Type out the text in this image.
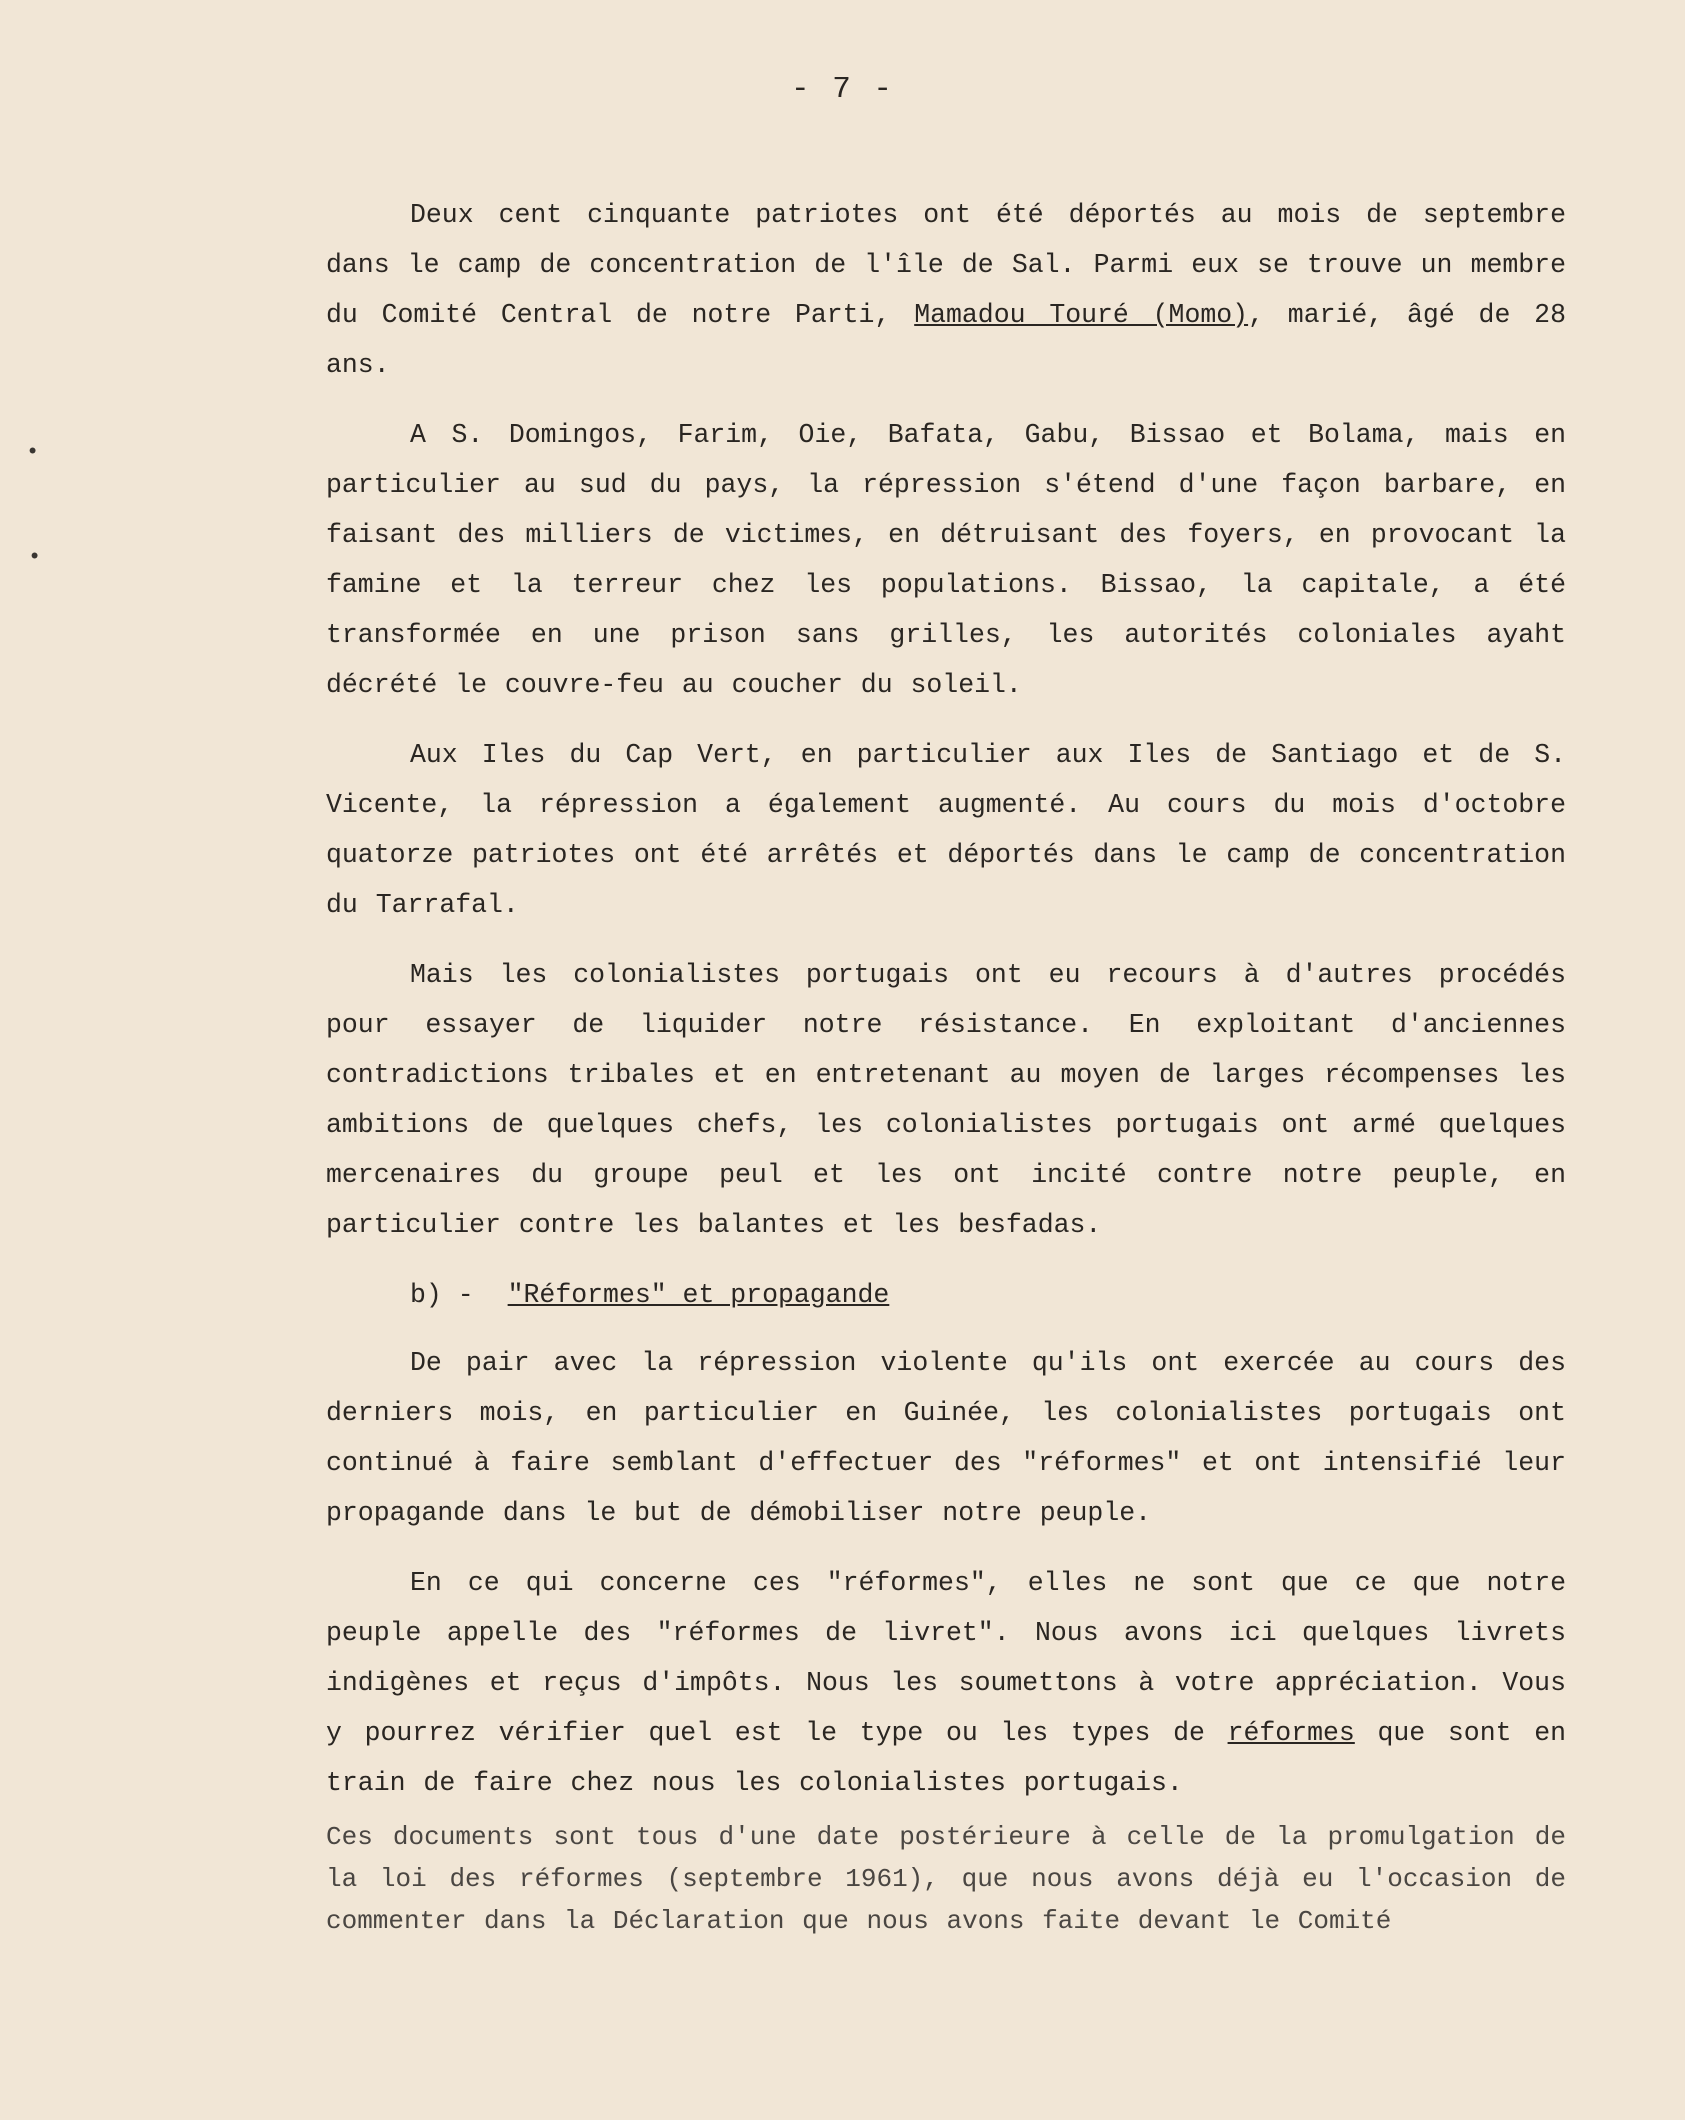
- 7 -
•
•

Deux cent cinquante patriotes ont été déportés au mois de septembre dans le camp de concentration de l'île de Sal. Parmi eux se trouve un membre du Comité Central de notre Parti, Mamadou Touré (Momo), marié, âgé de 28 ans.

A S. Domingos, Farim, Oie, Bafata, Gabu, Bissao et Bolama, mais en particulier au sud du pays, la répression s'étend d'une façon barbare, en faisant des milliers de victimes, en détruisant des foyers, en provocant la famine et la terreur chez les populations. Bissao, la capitale, a été transformée en une prison sans grilles, les autorités coloniales ayaht décrété le couvre-feu au coucher du soleil.

Aux Iles du Cap Vert, en particulier aux Iles de Santiago et de S. Vicente, la répression a également augmenté. Au cours du mois d'octobre quatorze patriotes ont été arrêtés et déportés dans le camp de concentration du Tarrafal.

Mais les colonialistes portugais ont eu recours à d'autres procédés pour essayer de liquider notre résistance. En exploitant d'anciennes contradictions tribales et en entretenant au moyen de larges récompenses les ambitions de quelques chefs, les colonialistes portugais ont armé quelques mercenaires du groupe peul et les ont incité contre notre peuple, en particulier contre les balantes et les besfadas.

b) - "Réformes" et propagande

De pair avec la répression violente qu'ils ont exercée au cours des derniers mois, en particulier en Guinée, les colonialistes portugais ont continué à faire semblant d'effectuer des "réformes" et ont intensifié leur propagande dans le but de démobiliser notre peuple.

En ce qui concerne ces "réformes", elles ne sont que ce que notre peuple appelle des "réformes de livret". Nous avons ici quelques livrets indigènes et reçus d'impôts. Nous les soumettons à votre appréciation. Vous y pourrez vérifier quel est le type ou les types de réformes que sont en train de faire chez nous les colonialistes portugais.

Ces documents sont tous d'une date postérieure à celle de la promulgation de la loi des réformes (septembre 1961), que nous avons déjà eu l'occasion de commenter dans la Déclaration que nous avons faite devant le Comité
